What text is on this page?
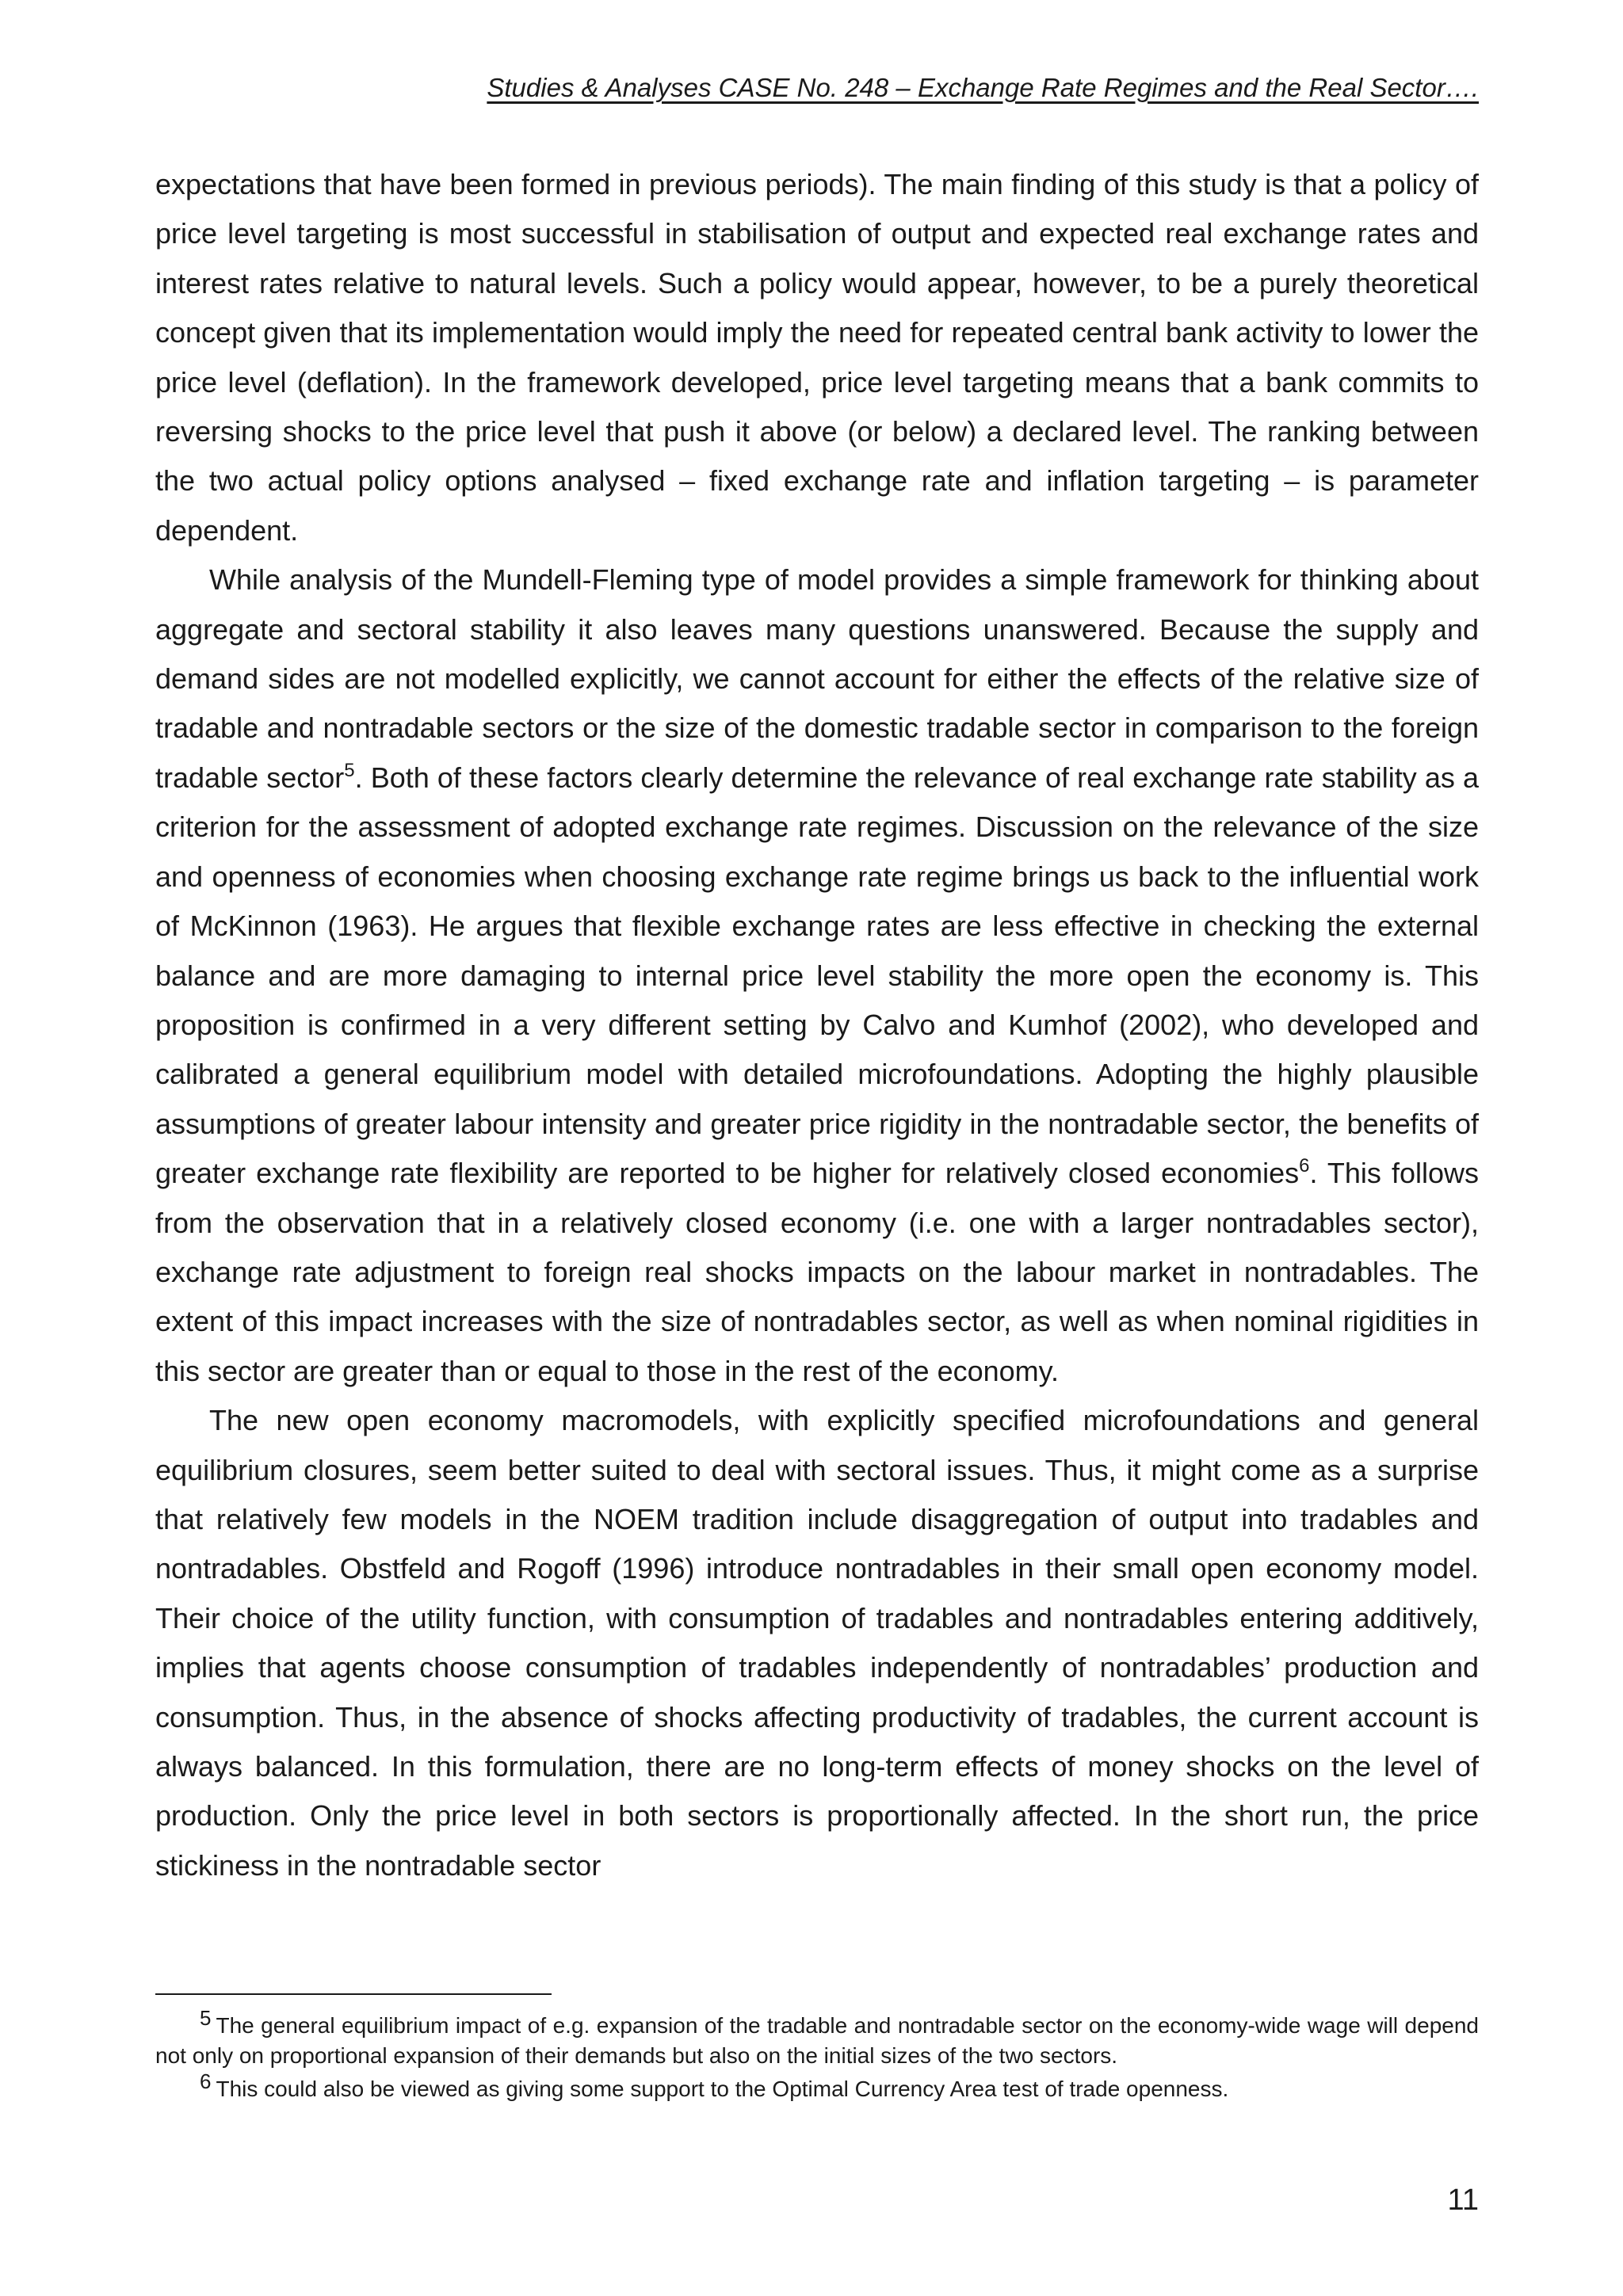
Studies & Analyses CASE No. 248 – Exchange Rate Regimes and the Real Sector….

expectations that have been formed in previous periods). The main finding of this study is that a policy of price level targeting is most successful in stabilisation of output and expected real exchange rates and interest rates relative to natural levels. Such a policy would appear, however, to be a purely theoretical concept given that its implementation would imply the need for repeated central bank activity to lower the price level (deflation). In the framework developed, price level targeting means that a bank commits to reversing shocks to the price level that push it above (or below) a declared level. The ranking between the two actual policy options analysed – fixed exchange rate and inflation targeting – is parameter dependent.

While analysis of the Mundell-Fleming type of model provides a simple framework for thinking about aggregate and sectoral stability it also leaves many questions unanswered. Because the supply and demand sides are not modelled explicitly, we cannot account for either the effects of the relative size of tradable and nontradable sectors or the size of the domestic tradable sector in comparison to the foreign tradable sector$^5$. Both of these factors clearly determine the relevance of real exchange rate stability as a criterion for the assessment of adopted exchange rate regimes. Discussion on the relevance of the size and openness of economies when choosing exchange rate regime brings us back to the influential work of McKinnon (1963). He argues that flexible exchange rates are less effective in checking the external balance and are more damaging to internal price level stability the more open the economy is. This proposition is confirmed in a very different setting by Calvo and Kumhof (2002), who developed and calibrated a general equilibrium model with detailed microfoundations. Adopting the highly plausible assumptions of greater labour intensity and greater price rigidity in the nontradable sector, the benefits of greater exchange rate flexibility are reported to be higher for relatively closed economies$^6$. This follows from the observation that in a relatively closed economy (i.e. one with a larger nontradables sector), exchange rate adjustment to foreign real shocks impacts on the labour market in nontradables. The extent of this impact increases with the size of nontradables sector, as well as when nominal rigidities in this sector are greater than or equal to those in the rest of the economy.

The new open economy macromodels, with explicitly specified microfoundations and general equilibrium closures, seem better suited to deal with sectoral issues. Thus, it might come as a surprise that relatively few models in the NOEM tradition include disaggregation of output into tradables and nontradables. Obstfeld and Rogoff (1996) introduce nontradables in their small open economy model. Their choice of the utility function, with consumption of tradables and nontradables entering additively, implies that agents choose consumption of tradables independently of nontradables’ production and consumption. Thus, in the absence of shocks affecting productivity of tradables, the current account is always balanced. In this formulation, there are no long-term effects of money shocks on the level of production. Only the price level in both sectors is proportionally affected. In the short run, the price stickiness in the nontradable sector

$^5$ The general equilibrium impact of e.g. expansion of the tradable and nontradable sector on the economy-wide wage will depend not only on proportional expansion of their demands but also on the initial sizes of the two sectors.

$^6$ This could also be viewed as giving some support to the Optimal Currency Area test of trade openness.

11
